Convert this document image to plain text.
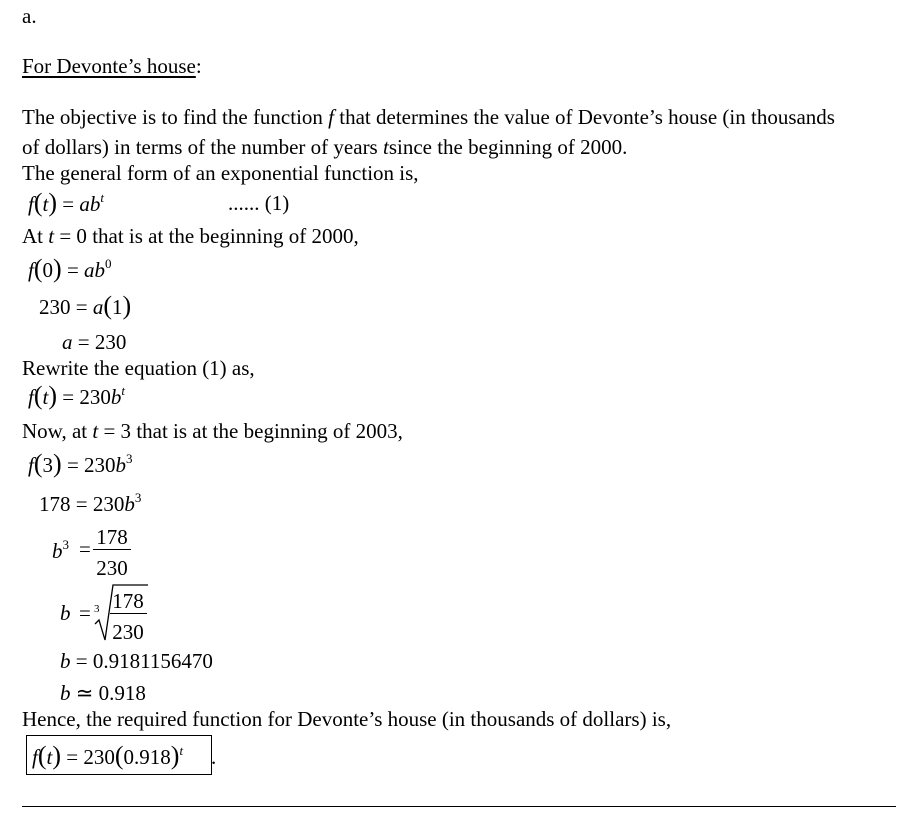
a.
For Devonte’s house:
The objective is to find the function f that determines the value of Devonte’s house (in thousands
of dollars) in terms of the number of years tsince the beginning of 2000.
The general form of an exponential function is,
$f(t) = ab^t$	...... (1)
At t = 0 that is at the beginning of 2000,
$f(0) = ab^0$
230 = a(1)
a = 230
Rewrite the equation (1) as,
$f(t) = 230b^t$
Now, at t = 3 that is at the beginning of 2003,
$f(3) = 230b^3$
$178 = 230b^3$
$b^3 = 178$
230
b = 3 178
230
b = 0.9181156470
b ≃ 0.918
Hence, the required function for Devonte’s house (in thousands of dollars) is,
$f(t) = 230(0.918)^t$ .
